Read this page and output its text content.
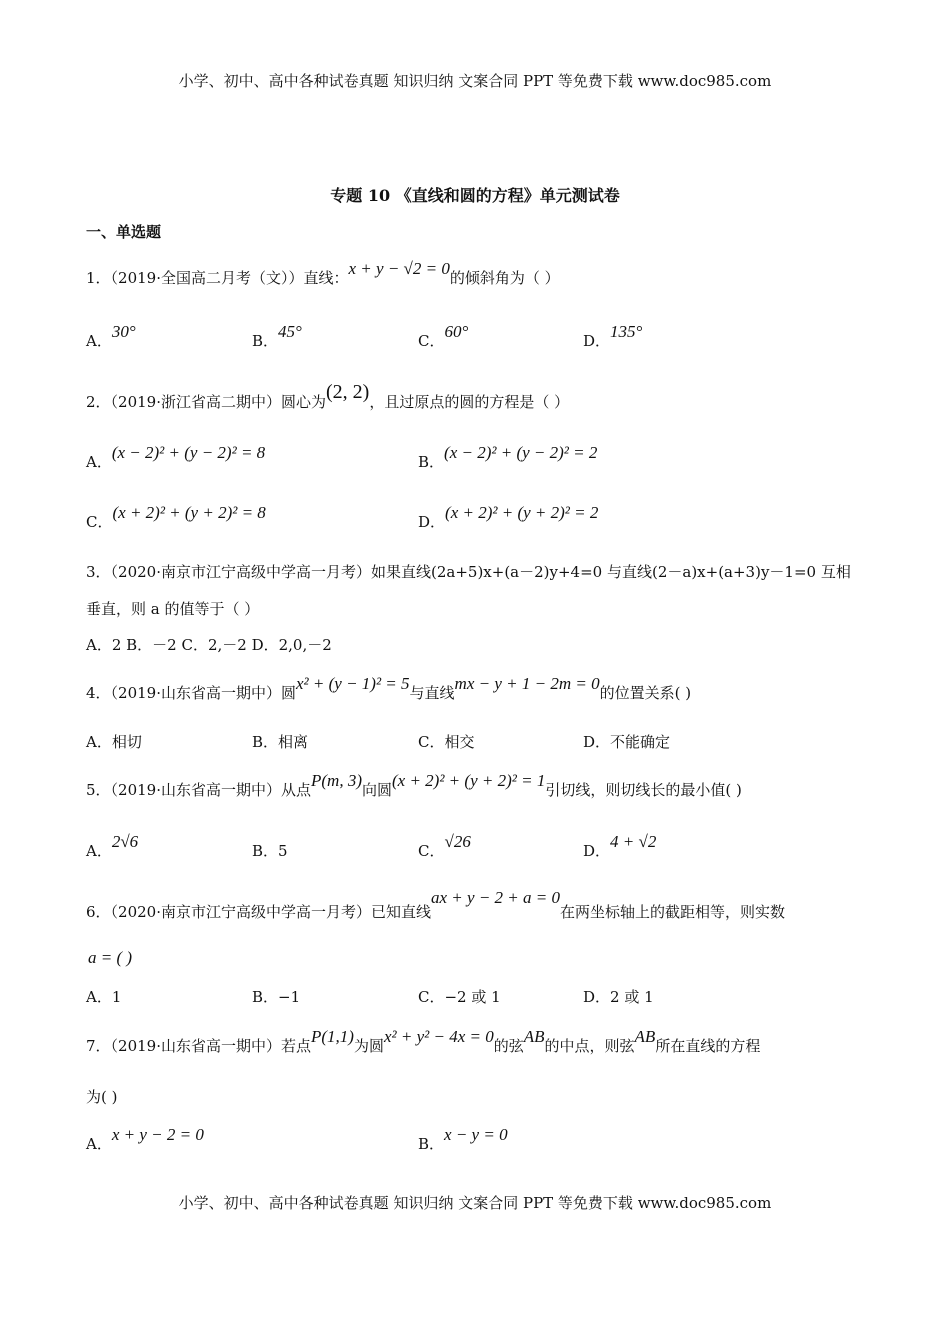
小学、初中、高中各种试卷真题 知识归纳 文案合同 PPT 等免费下载 www.doc985.com
专题 10 《直线和圆的方程》单元测试卷
一、单选题
1．（2019·全国高二月考（文））直线：x + y − √2 = 0的倾斜角为（ ）
A．30°	B．45°	C．60°	D．135°
2．（2019·浙江省高二期中）圆心为(2, 2)，且过原点的圆的方程是（ ）
A．(x − 2)² + (y − 2)² = 8	B．(x − 2)² + (y − 2)² = 2
C．(x + 2)² + (y + 2)² = 8	D．(x + 2)² + (y + 2)² = 2
3．（2020·南京市江宁高级中学高一月考）如果直线(2a+5)x+(a－2)y+4=0 与直线(2－a)x+(a+3)y－1=0 互相
垂直，则 a 的值等于（ ）
A．2 B．－2 C．2,－2 D．2,0,－2
4．（2019·山东省高一期中）圆x² + (y − 1)² = 5与直线mx − y + 1 − 2m = 0的位置关系( )
A．相切	B．相离	C．相交	D．不能确定
5．（2019·山东省高一期中）从点P(m, 3)向圆(x + 2)² + (y + 2)² = 1引切线，则切线长的最小值( )
A．2√6	B．5	C．√26	D．4 + √2
6．（2020·南京市江宁高级中学高一月考）已知直线ax + y − 2 + a = 0在两坐标轴上的截距相等，则实数
a = ( )
A．1	B．−1	C．−2 或 1	D．2 或 1
7．（2019·山东省高一期中）若点P(1,1)为圆x² + y² − 4x = 0的弦AB的中点，则弦AB所在直线的方程
为( )
A．x + y − 2 = 0	B．x − y = 0
小学、初中、高中各种试卷真题 知识归纳 文案合同 PPT 等免费下载 www.doc985.com
